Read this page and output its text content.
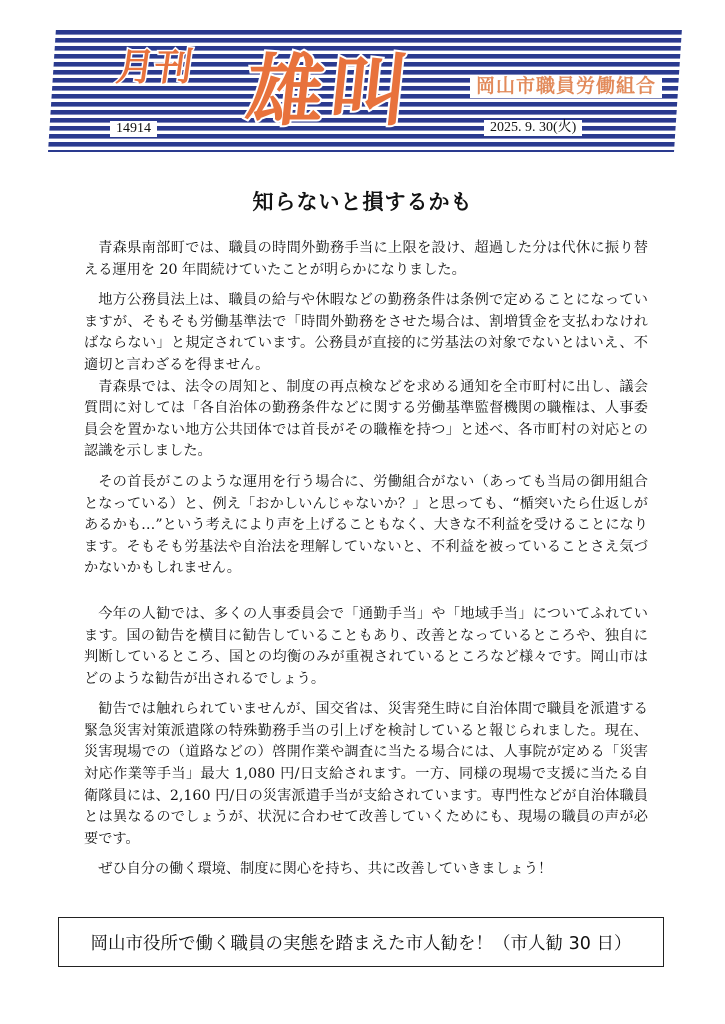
月刊 雄叫	岡山市職員労働組合
14914	2025. 9. 30(火)
知らないと損するかも

青森県南部町では、職員の時間外勤務手当に上限を設け、超過した分は代休に振り替える運用を 20 年間続けていたことが明らかになりました。

地方公務員法上は、職員の給与や休暇などの勤務条件は条例で定めることになっていますが、そもそも労働基準法で「時間外勤務をさせた場合は、割増賃金を支払わなければならない」と規定されています。公務員が直接的に労基法の対象でないとはいえ、不適切と言わざるを得ません。

青森県では、法令の周知と、制度の再点検などを求める通知を全市町村に出し、議会質問に対しては「各自治体の勤務条件などに関する労働基準監督機関の職権は、人事委員会を置かない地方公共団体では首長がその職権を持つ」と述べ、各市町村の対応との認識を示しました。

その首長がこのような運用を行う場合に、労働組合がない（あっても当局の御用組合となっている）と、例え「おかしいんじゃないか？」と思っても、“楯突いたら仕返しがあるかも…”という考えにより声を上げることもなく、大きな不利益を受けることになります。そもそも労基法や自治法を理解していないと、不利益を被っていることさえ気づかないかもしれません。

今年の人勧では、多くの人事委員会で「通勤手当」や「地域手当」についてふれています。国の勧告を横目に勧告していることもあり、改善となっているところや、独自に判断しているところ、国との均衡のみが重視されているところなど様々です。岡山市はどのような勧告が出されるでしょう。

勧告では触れられていませんが、国交省は、災害発生時に自治体間で職員を派遣する緊急災害対策派遣隊の特殊勤務手当の引上げを検討していると報じられました。現在、災害現場での（道路などの）啓開作業や調査に当たる場合には、人事院が定める「災害対応作業等手当」最大 1,080 円/日支給されます。一方、同様の現場で支援に当たる自衛隊員には、2,160 円/日の災害派遣手当が支給されています。専門性などが自治体職員とは異なるのでしょうが、状況に合わせて改善していくためにも、現場の職員の声が必要です。

ぜひ自分の働く環境、制度に関心を持ち、共に改善していきましょう！

岡山市役所で働く職員の実態を踏まえた市人勧を！（市人勧 30 日）
